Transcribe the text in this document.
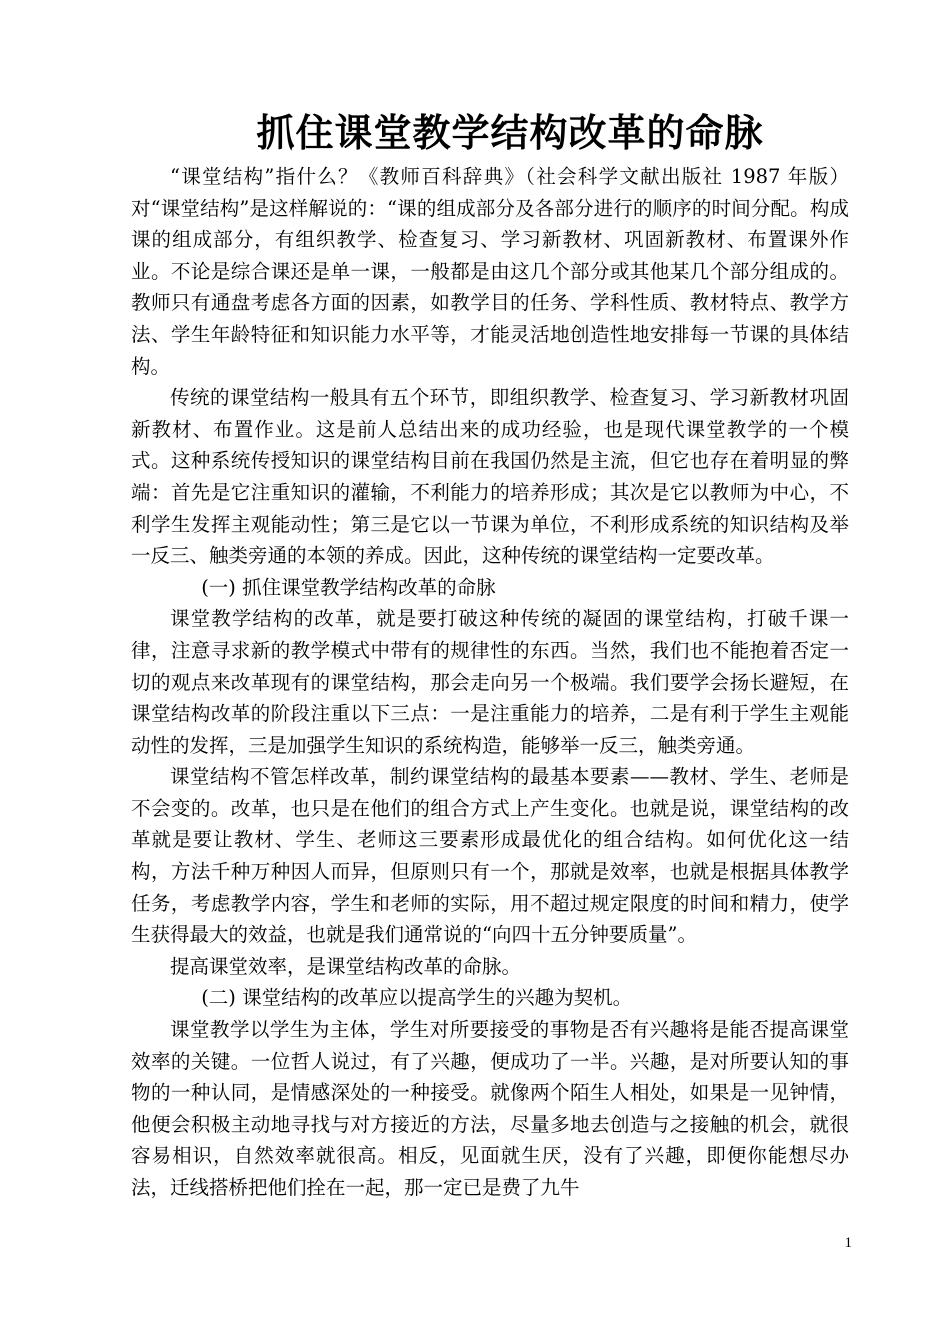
抓住课堂教学结构改革的命脉

“课堂结构”指什么？《教师百科辞典》（社会科学文献出版社 1987 年版）对“课堂结构”是这样解说的：“课的组成部分及各部分进行的顺序的时间分配。构成课的组成部分，有组织教学、检查复习、学习新教材、巩固新教材、布置课外作业。不论是综合课还是单一课，一般都是由这几个部分或其他某几个部分组成的。教师只有通盘考虑各方面的因素，如教学目的任务、学科性质、教材特点、教学方法、学生年龄特征和知识能力水平等，才能灵活地创造性地安排每一节课的具体结构。

传统的课堂结构一般具有五个环节，即组织教学、检查复习、学习新教材巩固新教材、布置作业。这是前人总结出来的成功经验，也是现代课堂教学的一个模式。这种系统传授知识的课堂结构目前在我国仍然是主流，但它也存在着明显的弊端：首先是它注重知识的灌输，不利能力的培养形成；其次是它以教师为中心，不利学生发挥主观能动性；第三是它以一节课为单位，不利形成系统的知识结构及举一反三、触类旁通的本领的养成。因此，这种传统的课堂结构一定要改革。

(一) 抓住课堂教学结构改革的命脉

课堂教学结构的改革，就是要打破这种传统的凝固的课堂结构，打破千课一律，注意寻求新的教学模式中带有的规律性的东西。当然，我们也不能抱着否定一切的观点来改革现有的课堂结构，那会走向另一个极端。我们要学会扬长避短，在课堂结构改革的阶段注重以下三点：一是注重能力的培养，二是有利于学生主观能动性的发挥，三是加强学生知识的系统构造，能够举一反三，触类旁通。

课堂结构不管怎样改革，制约课堂结构的最基本要素——教材、学生、老师是不会变的。改革，也只是在他们的组合方式上产生变化。也就是说，课堂结构的改革就是要让教材、学生、老师这三要素形成最优化的组合结构。如何优化这一结构，方法千种万种因人而异，但原则只有一个，那就是效率，也就是根据具体教学任务，考虑教学内容，学生和老师的实际，用不超过规定限度的时间和精力，使学生获得最大的效益，也就是我们通常说的“向四十五分钟要质量”。

提高课堂效率，是课堂结构改革的命脉。

(二) 课堂结构的改革应以提高学生的兴趣为契机。

课堂教学以学生为主体，学生对所要接受的事物是否有兴趣将是能否提高课堂效率的关键。一位哲人说过，有了兴趣，便成功了一半。兴趣，是对所要认知的事物的一种认同，是情感深处的一种接受。就像两个陌生人相处，如果是一见钟情，他便会积极主动地寻找与对方接近的方法，尽量多地去创造与之接触的机会，就很容易相识，自然效率就很高。相反，见面就生厌，没有了兴趣，即便你能想尽办法，迁线搭桥把他们拴在一起，那一定已是费了九牛

1
